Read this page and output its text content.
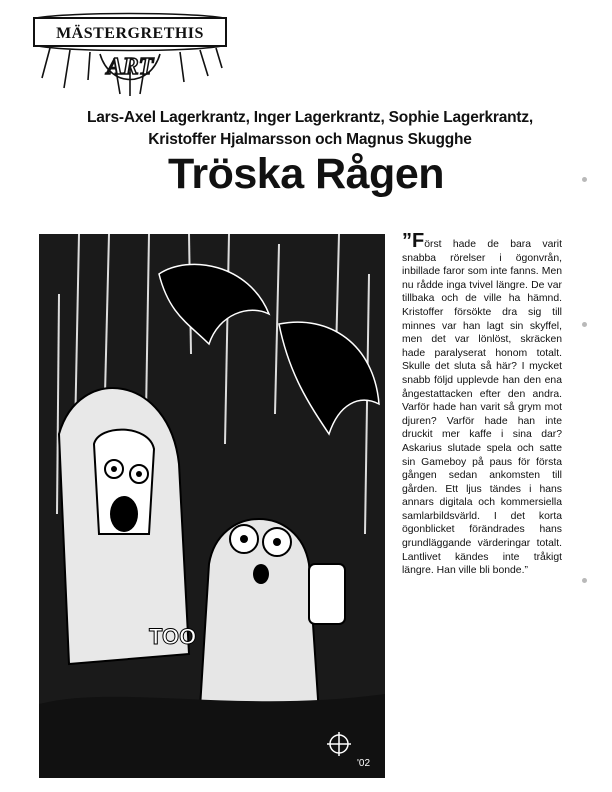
MÄSTERGRETHIS
ART
Lars-Axel Lagerkrantz, Inger Lagerkrantz, Sophie Lagerkrantz,
Kristoffer Hjalmarsson och Magnus Skugghe
Tröska Rågen
TOO
'02
”Först hade de bara varit snabba rörelser i ögonvrån, inbillade faror som inte fanns. Men nu rådde inga tvivel längre. De var tillbaka och de ville ha hämnd. Kristoffer försökte dra sig till minnes var han lagt sin skyffel, men det var lönlöst, skräcken hade paralyserat honom totalt. Skulle det sluta så här? I mycket snabb följd upplevde han den ena ångestattacken efter den andra. Varför hade han varit så grym mot djuren? Varför hade han inte druckit mer kaffe i sina dar? Askarius slutade spela och satte sin Gameboy på paus för första gången sedan ankomsten till gården. Ett ljus tändes i hans annars digitala och kommersiella samlarbildsvärld. I det korta ögonblicket förändrades hans grundläggande värderingar totalt. Lantlivet kändes inte tråkigt längre. Han ville bli bonde.”
